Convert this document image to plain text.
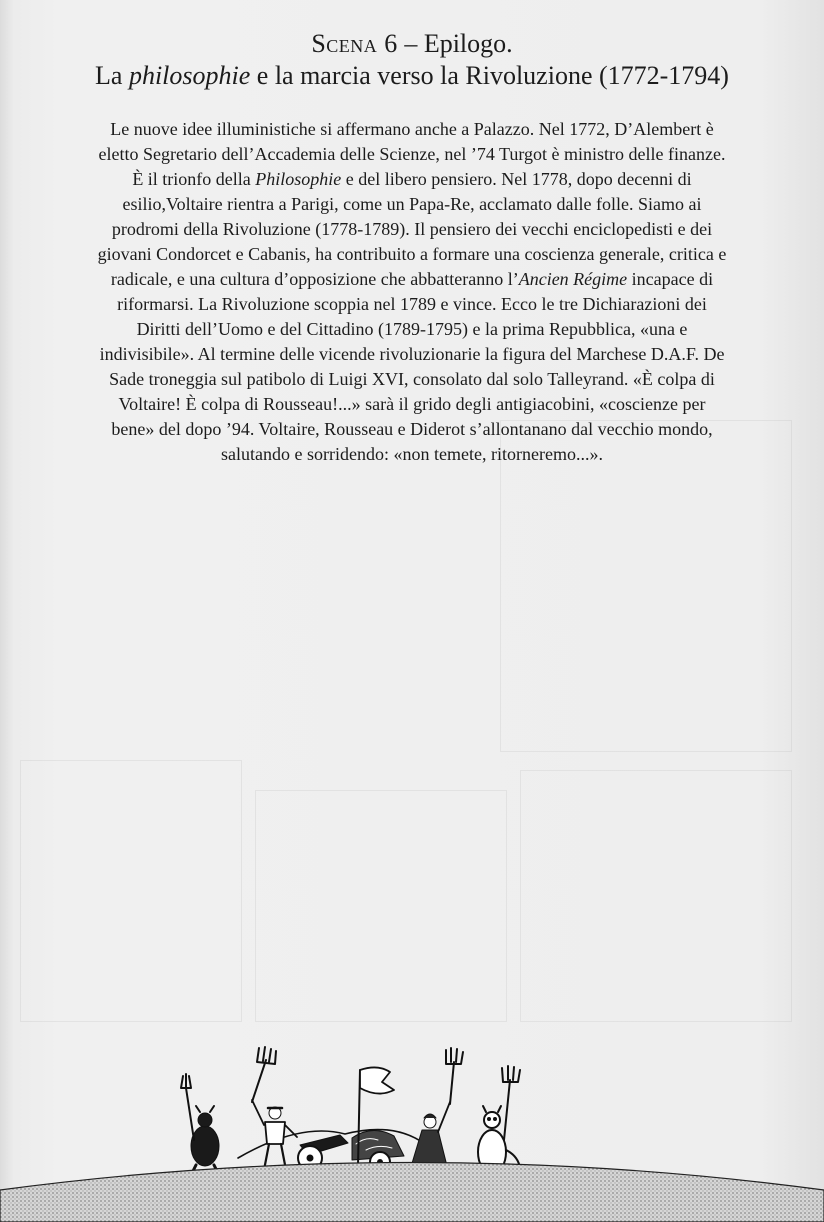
Scena 6 – Epilogo.
La philosophie e la marcia verso la Rivoluzione (1772-1794)
Le nuove idee illuministiche si affermano anche a Palazzo. Nel 1772, D’Alembert è
eletto Segretario dell’Accademia delle Scienze, nel ’74 Turgot è ministro delle finanze.
È il trionfo della Philosophie e del libero pensiero. Nel 1778, dopo decenni di
esilio,Voltaire rientra a Parigi, come un Papa-Re, acclamato dalle folle. Siamo ai
prodromi della Rivoluzione (1778-1789). Il pensiero dei vecchi enciclopedisti e dei
giovani Condorcet e Cabanis, ha contribuito a formare una coscienza generale, critica e
radicale, e una cultura d’opposizione che abbatteranno l’Ancien Régime incapace di
riformarsi. La Rivoluzione scoppia nel 1789 e vince. Ecco le tre Dichiarazioni dei
Diritti dell’Uomo e del Cittadino (1789-1795) e la prima Repubblica, «una e
indivisibile». Al termine delle vicende rivoluzionarie la figura del Marchese D.A.F. De
Sade troneggia sul patibolo di Luigi XVI, consolato dal solo Talleyrand. «È colpa di
Voltaire! È colpa di Rousseau!...» sarà il grido degli antigiacobini, «coscienze per
bene» del dopo ’94. Voltaire, Rousseau e Diderot s’allontanano dal vecchio mondo,
salutando e sorridendo: «non temete, ritorneremo...».
